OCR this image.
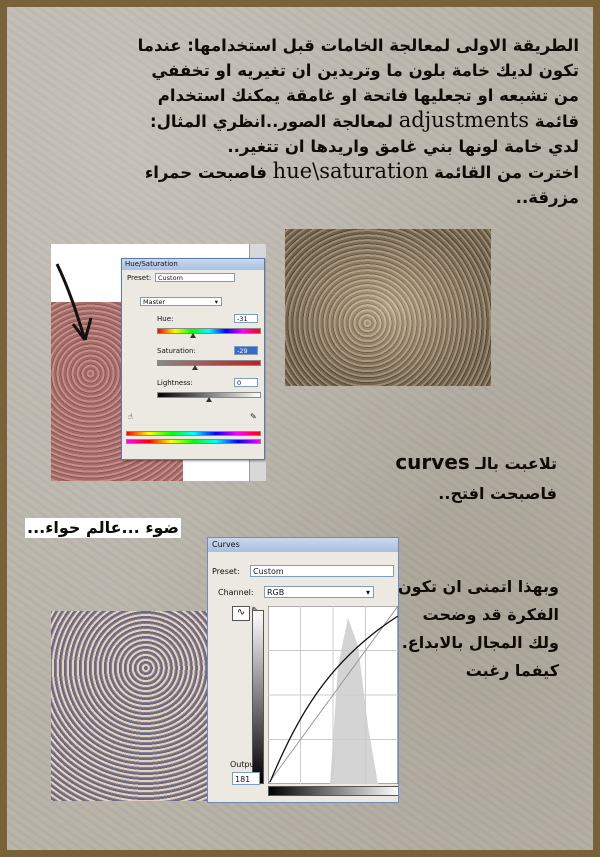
الطريقة الاولى لمعالجة الخامات قبل استخدامها: عندما
تكون لديك خامة بلون ما وتريدين ان تغيريه او تخففي
من تشبعه او تجعليها فاتحة او غامقة يمكنك استخدام
قائمة adjustments لمعالجة الصور..انظري المثال:
لدي خامة لونها بني غامق واريدها ان تتغير..
اخترت من القائمة hue\saturation فاصبحت حمراء
مزرقة..
Hue/Saturation
Preset:	Custom
Master	▾
Hue:	-31
Saturation:	-29
Lightness:	0
☝	✎
تلاعبت بالـ curves
فاصبحت افتح..
Curves
Preset:	Custom
Channel:	RGB	▾
∿
Output:
181
ضوء ...عالم حواء...
وبهذا اتمنى ان تكون
الفكرة قد وضحت
ولك المجال بالابداع.
كيفما رغبت
